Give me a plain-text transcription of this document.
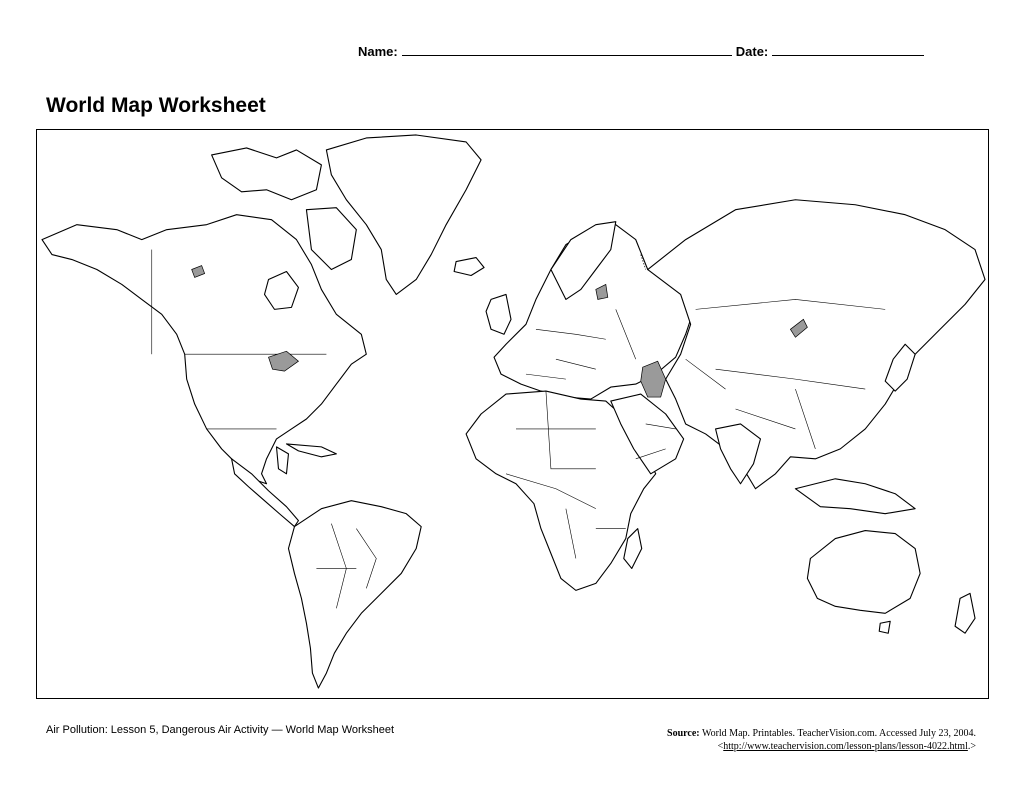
Name:	Date:
World Map Worksheet
Air Pollution: Lesson 5, Dangerous Air Activity — World Map Worksheet	Source: World Map. Printables. TeacherVision.com. Accessed July 23, 2004.
<http://www.teachervision.com/lesson-plans/lesson-4022.html.>
